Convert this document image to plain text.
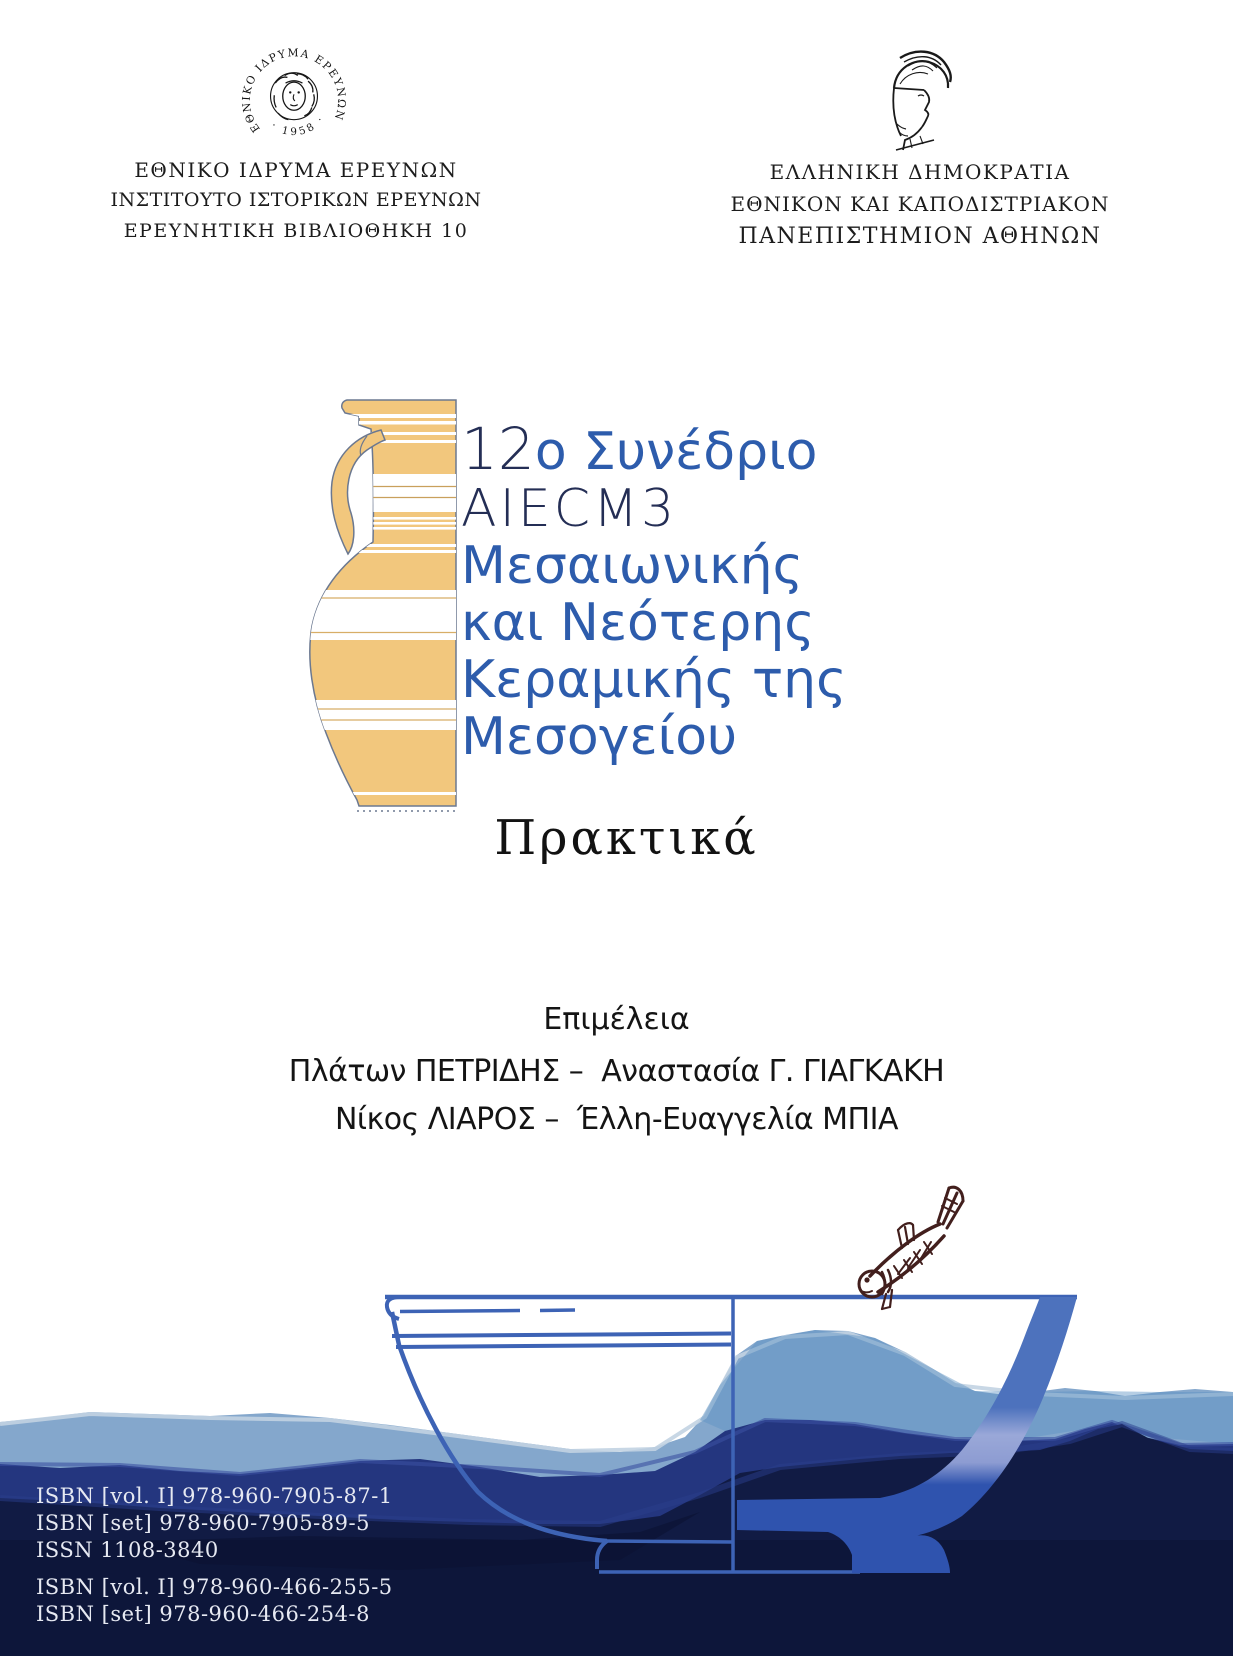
ΕΘΝΙΚΟ ΙΔΡΥΜΑ ΕΡΕΥΝΩΝ
· 1958 ·
ΕΘΝΙΚΟ ΙΔΡΥΜΑ ΕΡΕΥΝΩΝ
ΙΝΣΤΙΤΟΥΤΟ ΙΣΤΟΡΙΚΩΝ ΕΡΕΥΝΩΝ
ΕΡΕΥΝΗΤΙΚΗ ΒΙΒΛΙΟΘΗΚΗ 10
ΕΛΛΗΝΙΚΗ ΔΗΜΟΚΡΑΤΙΑ
ΕΘΝΙΚΟΝ ΚΑΙ ΚΑΠΟΔΙΣΤΡΙΑΚΟΝ
ΠΑΝΕΠΙΣΤΗΜΙΟΝ ΑΘΗΝΩΝ
12ο Συνέδριο
AIECM3
Μεσαιωνικής
και Νεότερης
Κεραμικής της
Μεσογείου
Πρακτικά
Επιμέλεια
Πλάτων ΠΕΤΡΙΔΗΣ –  Αναστασία Γ. ΓΙΑΓΚΑΚΗ
Νίκος ΛΙΑΡΟΣ –  Έλλη-Ευαγγελία ΜΠΙΑ
ISBN [vol. I] 978-960-7905-87-1
ISBN [set] 978-960-7905-89-5
ISSN 1108-3840
ISBN [vol. I] 978-960-466-255-5
ISBN [set] 978-960-466-254-8
